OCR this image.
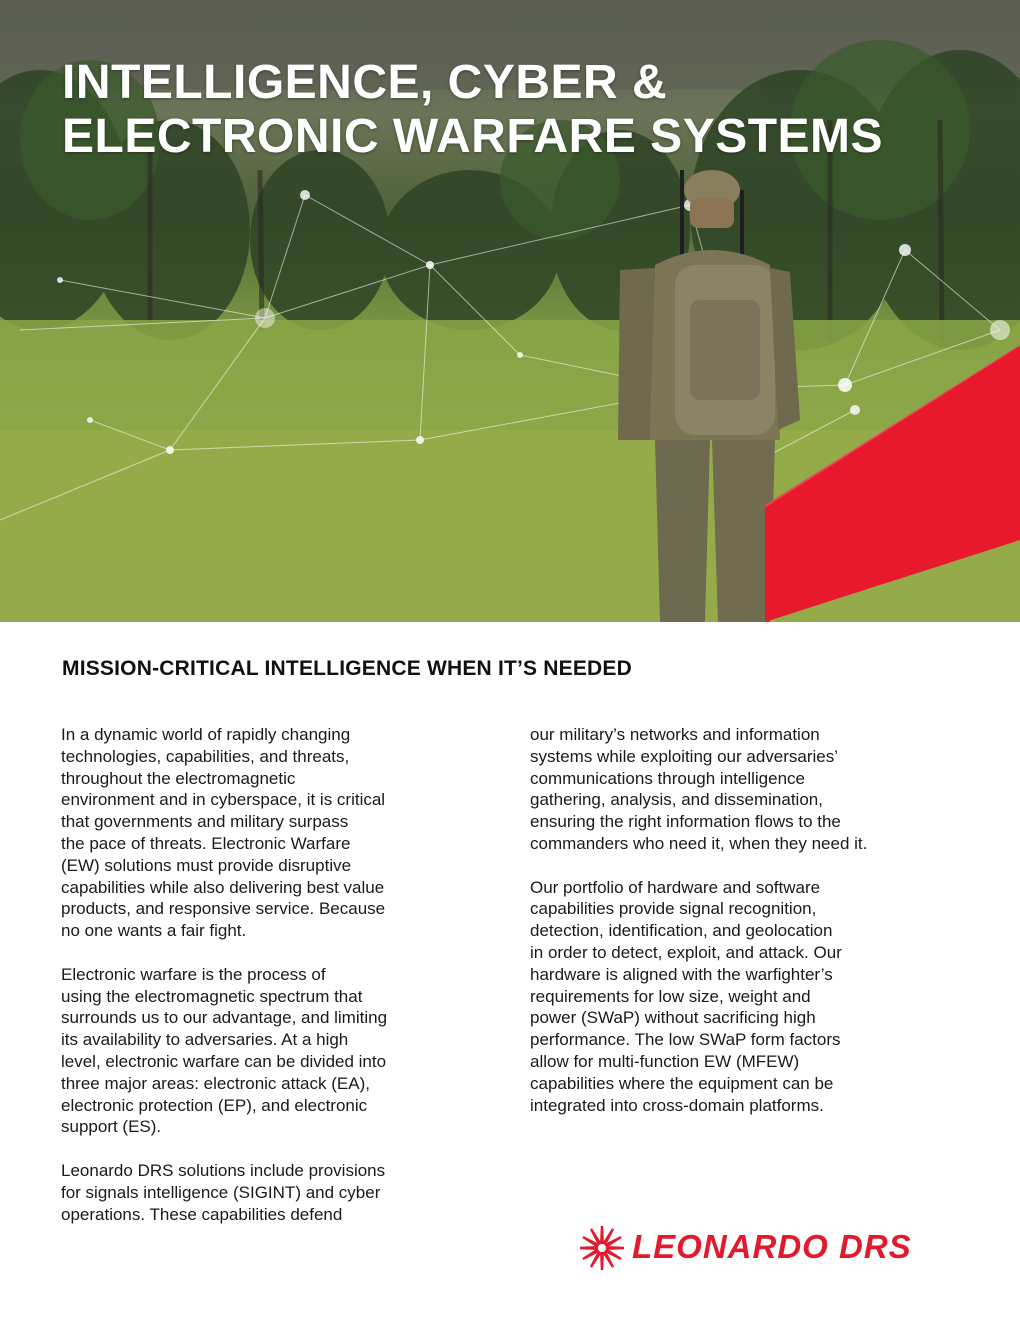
INTELLIGENCE, CYBER &
ELECTRONIC WARFARE SYSTEMS
MISSION-CRITICAL INTELLIGENCE WHEN IT’S NEEDED

In a dynamic world of rapidly changing
technologies, capabilities, and threats,
throughout the electromagnetic
environment and in cyberspace, it is critical
that governments and military surpass
the pace of threats. Electronic Warfare
(EW) solutions must provide disruptive
capabilities while also delivering best value
products, and responsive service. Because
no one wants a fair fight.

Electronic warfare is the process of
using the electromagnetic spectrum that
surrounds us to our advantage, and limiting
its availability to adversaries. At a high
level, electronic warfare can be divided into
three major areas: electronic attack (EA),
electronic protection (EP), and electronic
support (ES).

Leonardo DRS solutions include provisions
for signals intelligence (SIGINT) and cyber
operations. These capabilities defend

our military’s networks and information
systems while exploiting our adversaries’
communications through intelligence
gathering, analysis, and dissemination,
ensuring the right information flows to the
commanders who need it, when they need it.

Our portfolio of hardware and software
capabilities provide signal recognition,
detection, identification, and geolocation
in order to detect, exploit, and attack. Our
hardware is aligned with the warfighter’s
requirements for low size, weight and
power (SWaP) without sacrificing high
performance. The low SWaP form factors
allow for multi-function EW (MFEW)
capabilities where the equipment can be
integrated into cross-domain platforms.

LEONARDO DRS
